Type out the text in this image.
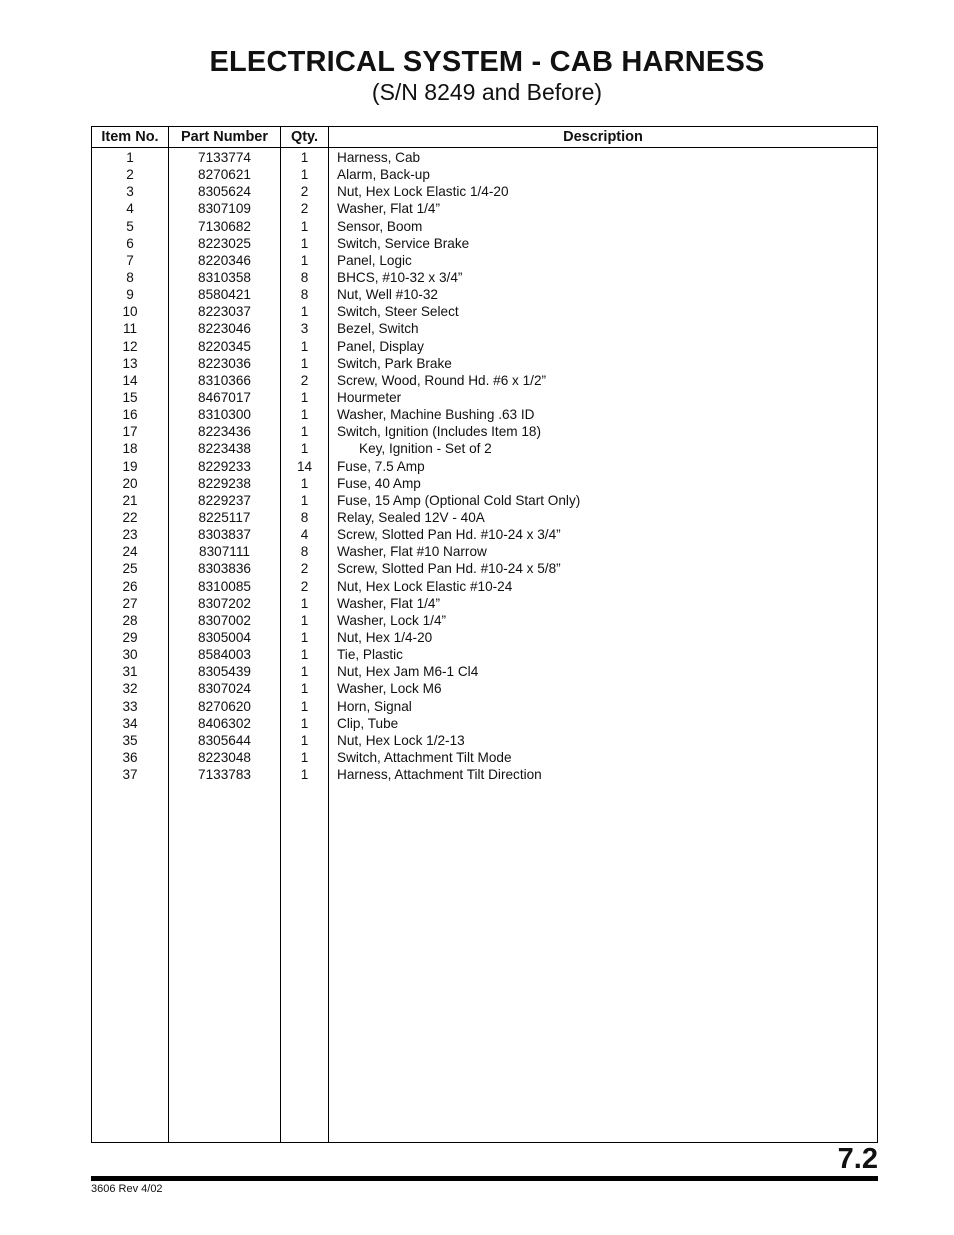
ELECTRICAL SYSTEM - CAB HARNESS
(S/N 8249 and Before)
Item No.	Part Number	Qty.	Description
1	7133774	1	Harness, Cab
2	8270621	1	Alarm, Back-up
3	8305624	2	Nut, Hex Lock Elastic 1/4-20
4	8307109	2	Washer, Flat 1/4”
5	7130682	1	Sensor, Boom
6	8223025	1	Switch, Service Brake
7	8220346	1	Panel, Logic
8	8310358	8	BHCS, #10-32 x 3/4”
9	8580421	8	Nut, Well #10-32
10	8223037	1	Switch, Steer Select
11	8223046	3	Bezel, Switch
12	8220345	1	Panel, Display
13	8223036	1	Switch, Park Brake
14	8310366	2	Screw, Wood, Round Hd. #6 x 1/2”
15	8467017	1	Hourmeter
16	8310300	1	Washer, Machine Bushing .63 ID
17	8223436	1	Switch, Ignition (Includes Item 18)
18	8223438	1	Key, Ignition - Set of 2
19	8229233	14	Fuse, 7.5 Amp
20	8229238	1	Fuse, 40 Amp
21	8229237	1	Fuse, 15 Amp (Optional Cold Start Only)
22	8225117	8	Relay, Sealed 12V - 40A
23	8303837	4	Screw, Slotted Pan Hd. #10-24 x 3/4”
24	8307111	8	Washer, Flat #10 Narrow
25	8303836	2	Screw, Slotted Pan Hd. #10-24 x 5/8”
26	8310085	2	Nut, Hex Lock Elastic #10-24
27	8307202	1	Washer, Flat 1/4”
28	8307002	1	Washer, Lock 1/4”
29	8305004	1	Nut, Hex 1/4-20
30	8584003	1	Tie, Plastic
31	8305439	1	Nut, Hex Jam M6-1 Cl4
32	8307024	1	Washer, Lock M6
33	8270620	1	Horn, Signal
34	8406302	1	Clip, Tube
35	8305644	1	Nut, Hex Lock 1/2-13
36	8223048	1	Switch, Attachment Tilt Mode
37	7133783	1	Harness, Attachment Tilt Direction
7.2
3606 Rev 4/02
